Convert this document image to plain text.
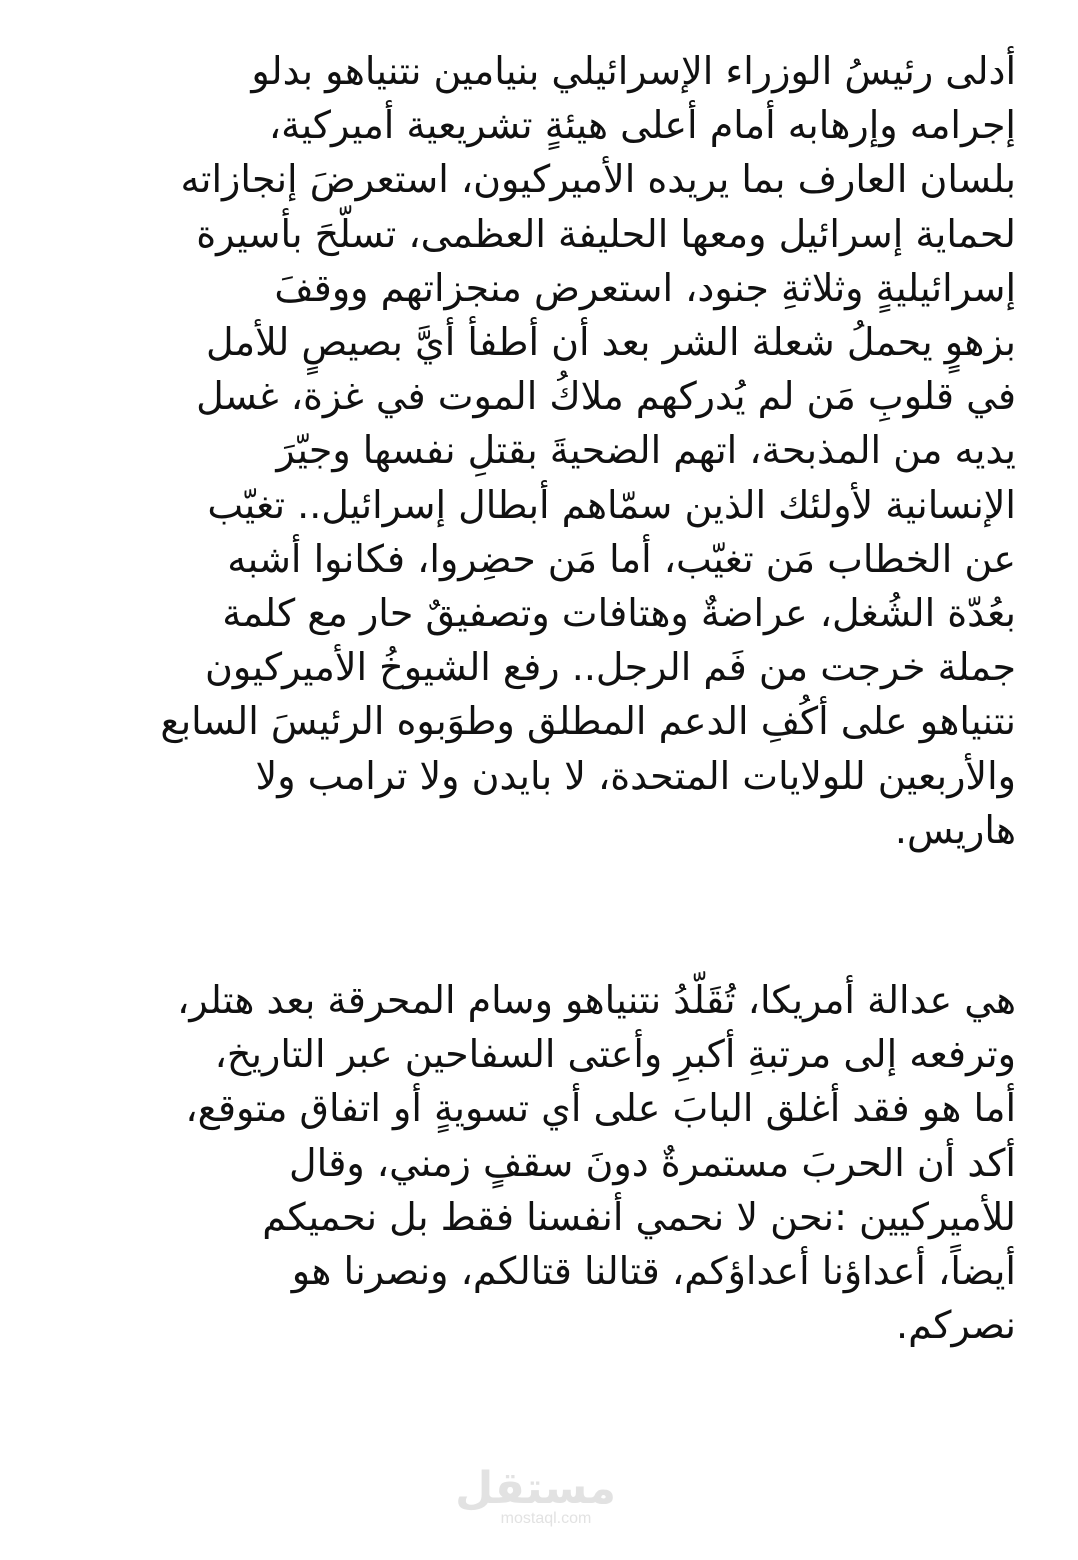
أدلى رئيسُ الوزراء الإسرائيلي بنيامين نتنياهو بدلو
إجرامه وإرهابه أمام أعلى هيئةٍ تشريعية أميركية،
بلسان العارف بما يريده الأميركيون، استعرضَ إنجازاته
لحماية إسرائيل ومعها الحليفة العظمى، تسلّحَ بأسيرة
إسرائيليةٍ وثلاثةِ جنود، استعرض منجزاتهم ووقفَ
بزهوٍ يحملُ شعلة الشر بعد أن أطفأ أيَّ بصيصٍ للأمل
في قلوبِ مَن لم يُدركهم ملاكُ الموت في غزة، غسل
يديه من المذبحة، اتهم الضحيةَ بقتلِ نفسها وجيّرَ
الإنسانية لأولئك الذين سمّاهم أبطال إسرائيل.. تغيّب
عن الخطاب مَن تغيّب، أما مَن حضِروا، فكانوا أشبه
بعُدّة الشُغل، عراضةٌ وهتافات وتصفيقٌ حار مع كلمة
جملة خرجت من فَم الرجل.. رفع الشيوخُ الأميركيون
نتنياهو على أكُفِ الدعم المطلق وطوَبوه الرئيسَ السابع
والأربعين للولايات المتحدة، لا بايدن ولا ترامب ولا
هاريس.

هي عدالة أمريكا، تُقَلّدُ نتنياهو وسام المحرقة بعد هتلر،
وترفعه إلى مرتبةِ أكبرِ وأعتى السفاحين عبر التاريخ،
أما هو فقد أغلق البابَ على أي تسويةٍ أو اتفاق متوقع،
أكد أن الحربَ مستمرةٌ دونَ سقفٍ زمني، وقال
للأميركيين :نحن لا نحمي أنفسنا فقط بل نحميكم
أيضاً، أعداؤنا أعداؤكم، قتالنا قتالكم، ونصرنا هو
نصركم.

مستقل
mostaql.com
